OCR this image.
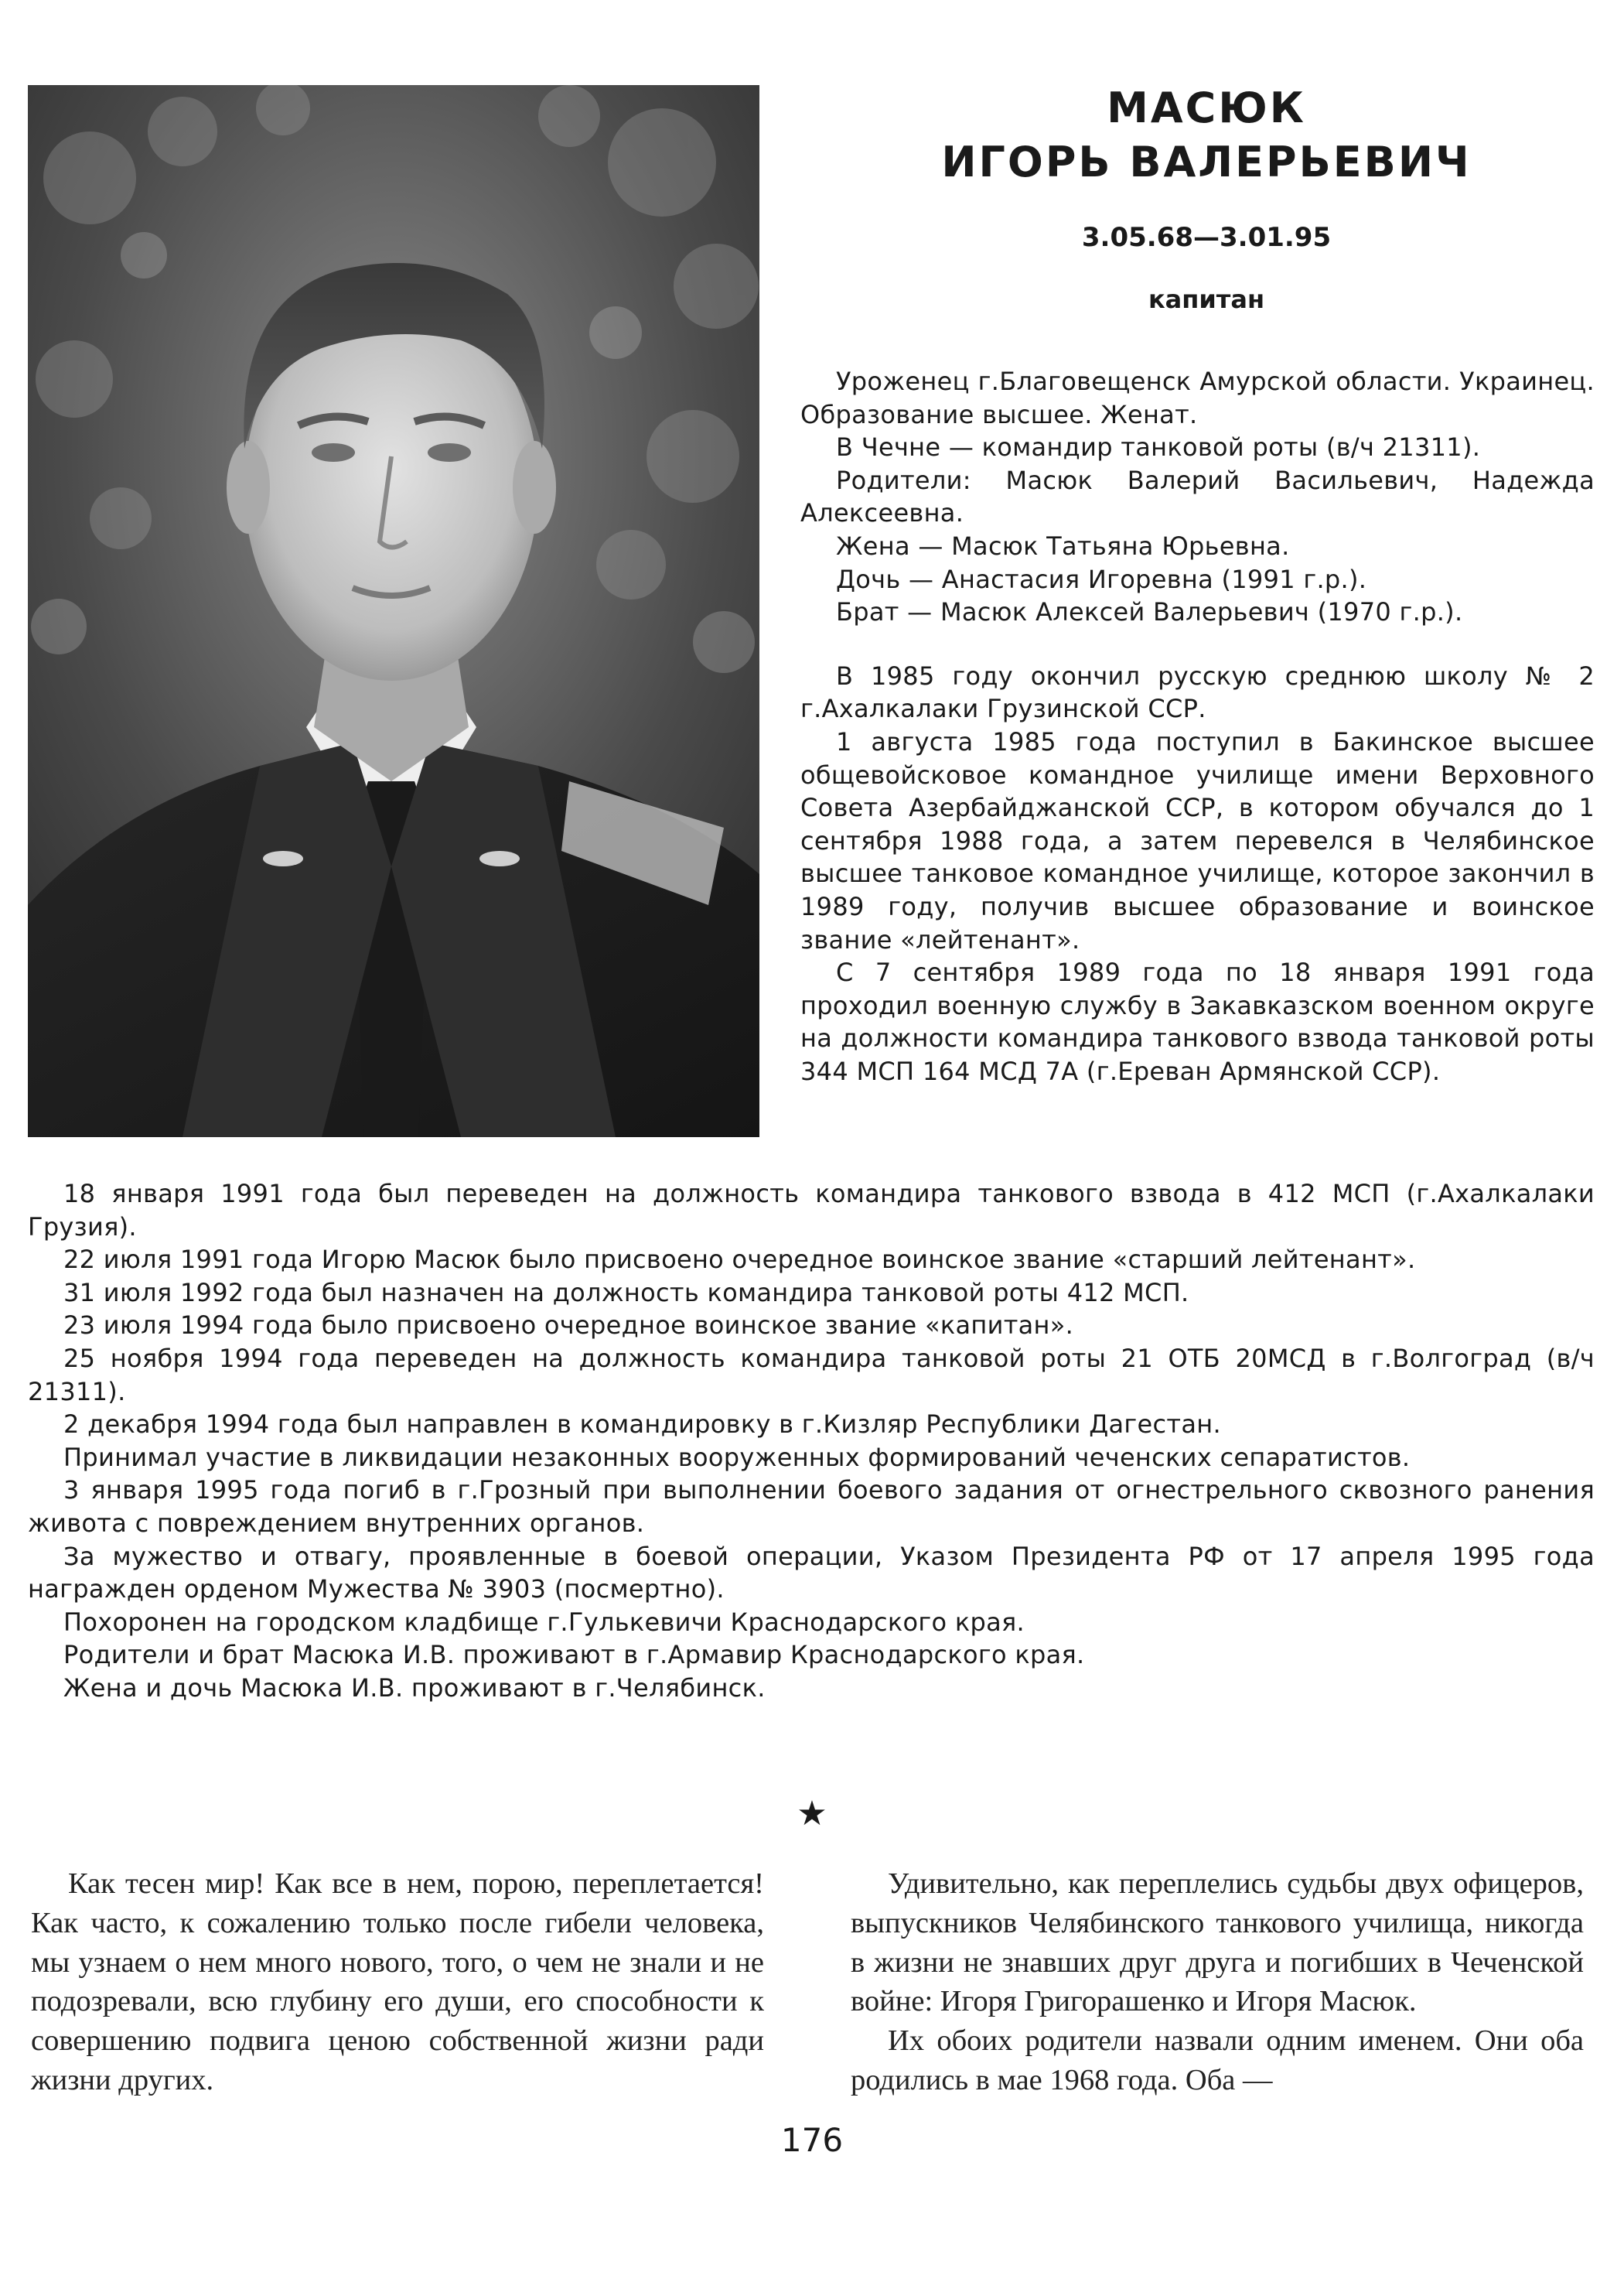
МАСЮК
ИГОРЬ ВАЛЕРЬЕВИЧ
3.05.68—3.01.95
капитан

Уроженец г.Благовещенск Амурской области. Украинец. Образование высшее. Женат.

В Чечне — командир танковой роты (в/ч 21311).

Родители: Масюк Валерий Васильевич, Надежда Алексеевна.

Жена — Масюк Татьяна Юрьевна.

Дочь — Анастасия Игоревна (1991 г.р.).

Брат — Масюк Алексей Валерьевич (1970 г.р.).

В 1985 году окончил русскую среднюю школу № 2 г.Ахалкалаки Грузинской ССР.

1 августа 1985 года поступил в Бакинское высшее общевойсковое командное училище имени Верховного Совета Азербайджанской ССР, в котором обучался до 1 сентября 1988 года, а затем перевелся в Челябинское высшее танковое командное училище, которое закончил в 1989 году, получив высшее образование и воинское звание «лейтенант».

С 7 сентября 1989 года по 18 января 1991 года проходил военную службу в Закавказском военном округе на должности командира танкового взвода танковой роты 344 МСП 164 МСД 7А (г.Ереван Армянской ССР).

18 января 1991 года был переведен на должность командира танкового взвода в 412 МСП (г.Ахалкалаки Грузия).

22 июля 1991 года Игорю Масюк было присвоено очередное воинское звание «старший лейтенант».

31 июля 1992 года был назначен на должность командира танковой роты 412 МСП.

23 июля 1994 года было присвоено очередное воинское звание «капитан».

25 ноября 1994 года переведен на должность командира танковой роты 21 ОТБ 20МСД в г.Волгоград (в/ч 21311).

2 декабря 1994 года был направлен в командировку в г.Кизляр Республики Дагестан.

Принимал участие в ликвидации незаконных вооруженных формирований чеченских сепаратистов.

3 января 1995 года погиб в г.Грозный при выполнении боевого задания от огнестрельного сквозного ранения живота с повреждением внутренних органов.

За мужество и отвагу, проявленные в боевой операции, Указом Президента РФ от 17 апреля 1995 года награжден орденом Мужества № 3903 (посмертно).

Похоронен на городском кладбище г.Гулькевичи Краснодарского края.

Родители и брат Масюка И.В. проживают в г.Армавир Краснодарского края.

Жена и дочь Масюка И.В. проживают в г.Челябинск.

★

Как тесен мир! Как все в нем, порою, переплетается! Как часто, к сожалению только после гибели человека, мы узнаем о нем много нового, того, о чем не знали и не подозревали, всю глубину его души, его способности к совершению подвига ценою собственной жизни ради жизни других.

Удивительно, как переплелись судьбы двух офицеров, выпускников Челябинского танкового училища, никогда в жизни не знавших друг друга и погибших в Чеченской войне: Игоря Григорашенко и Игоря Масюк.

Их обоих родители назвали одним именем. Они оба родились в мае 1968 года. Оба —

176
